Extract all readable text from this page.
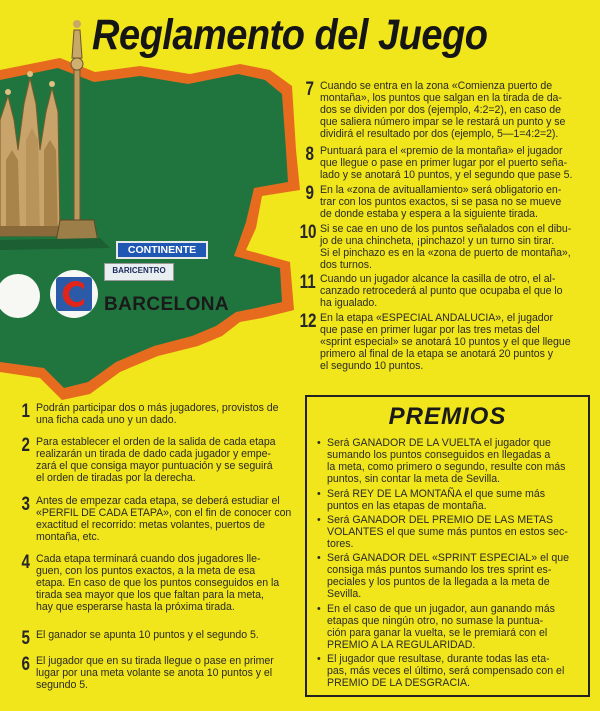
Reglamento del Juego
CONTINENTE
BARICENTRO
BARCELONA
1 Podrán participar dos o más jugadores, provistos de
una ficha cada uno y un dado.
2 Para establecer el orden de la salida de cada etapa
realizarán un tirada de dado cada jugador y empe-
zará el que consiga mayor puntuación y se seguirá
el orden de tiradas por la derecha.
3 Antes de empezar cada etapa, se deberá estudiar el
«PERFIL DE CADA ETAPA», con el fin de conocer con
exactitud el recorrido: metas volantes, puertos de
montaña, etc.
4 Cada etapa terminará cuando dos jugadores lle-
guen, con los puntos exactos, a la meta de esa
etapa. En caso de que los puntos conseguidos en la
tirada sea mayor que los que faltan para la meta,
hay que esperarse hasta la próxima tirada.
5 El ganador se apunta 10 puntos y el segundo 5.
6 El jugador que en su tirada llegue o pase en primer
lugar por una meta volante se anota 10 puntos y el
segundo 5.
7 Cuando se entra en la zona «Comienza puerto de
montaña», los puntos que salgan en la tirada de da-
dos se dividen por dos (ejemplo, 4:2=2), en caso de
que saliera número impar se le restará un punto y se
dividirá el resultado por dos (ejemplo, 5—1=4:2=2).
8 Puntuará para el «premio de la montaña» el jugador
que llegue o pase en primer lugar por el puerto seña-
lado y se anotará 10 puntos, y el segundo que pase 5.
9 En la «zona de avituallamiento» será obligatorio en-
trar con los puntos exactos, si se pasa no se mueve
de donde estaba y espera a la siguiente tirada.
10 Si se cae en uno de los puntos señalados con el dibu-
jo de una chincheta, ¡pinchazo! y un turno sin tirar.
Si el pinchazo es en la «zona de puerto de montaña»,
dos turnos.
11 Cuando un jugador alcance la casilla de otro, el al-
canzado retrocederá al punto que ocupaba el que lo
ha igualado.
12 En la etapa «ESPECIAL ANDALUCIA», el jugador
que pase en primer lugar por las tres metas del
«sprint especial» se anotará 10 puntos y el que llegue
primero al final de la etapa se anotará 20 puntos y
el segundo 10 puntos.
PREMIOS
• Será GANADOR DE LA VUELTA el jugador que
sumando los puntos conseguidos en llegadas a
la meta, como primero o segundo, resulte con más
puntos, sin contar la meta de Sevilla.
• Será REY DE LA MONTAÑA el que sume más
puntos en las etapas de montaña.
• Será GANADOR DEL PREMIO DE LAS METAS
VOLANTES el que sume más puntos en estos sec-
tores.
• Será GANADOR DEL «SPRINT ESPECIAL» el que
consiga más puntos sumando los tres sprint es-
peciales y los puntos de la llegada a la meta de
Sevilla.
• En el caso de que un jugador, aun ganando más
etapas que ningún otro, no sumase la puntua-
ción para ganar la vuelta, se le premiará con el
PREMIO A LA REGULARIDAD.
• El jugador que resultase, durante todas las eta-
pas, más veces el último, será compensado con el
PREMIO DE LA DESGRACIA.
